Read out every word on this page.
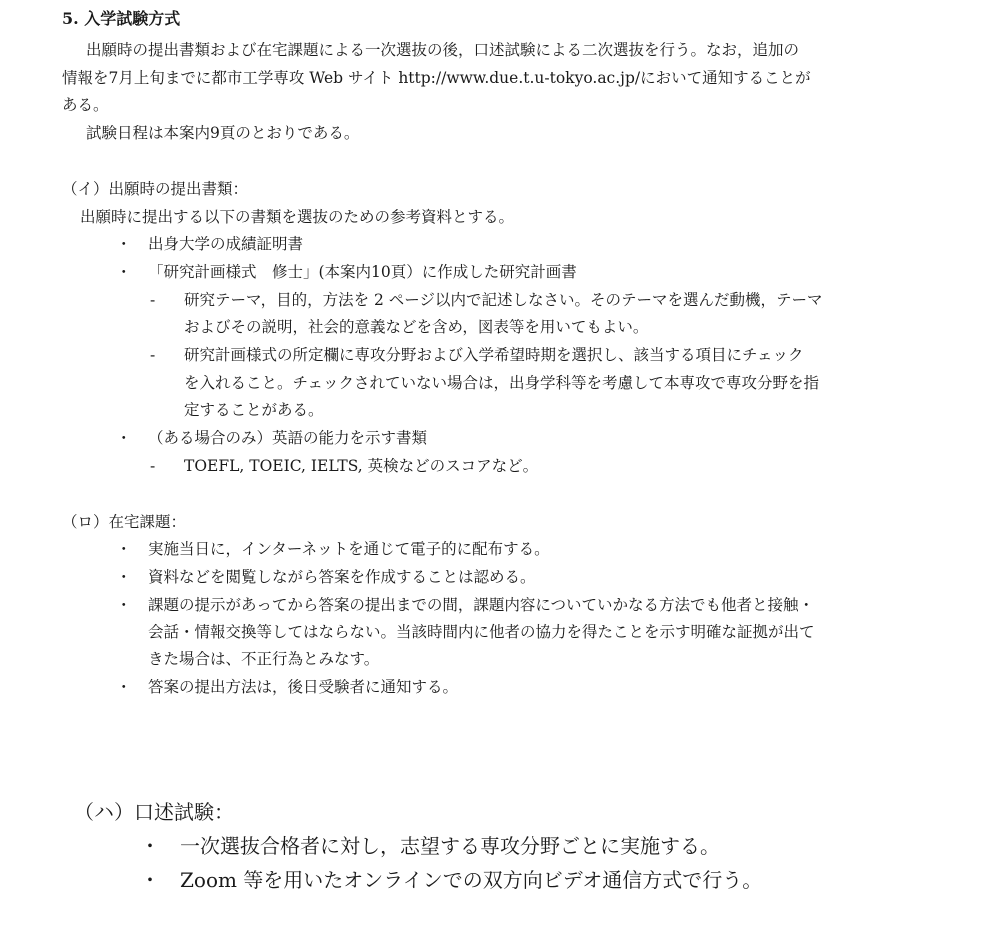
5. 入学試験方式
出願時の提出書類および在宅課題による一次選抜の後，口述試験による二次選抜を行う。なお，追加の
情報を7月上旬までに都市工学専攻 Web サイト http://www.due.t.u-tokyo.ac.jp/において通知することが
ある。
試験日程は本案内9頁のとおりである。
（イ）出願時の提出書類：
出願時に提出する以下の書類を選抜のための参考資料とする。
・ 出身大学の成績証明書
・ 「研究計画様式　修士」(本案内10頁）に作成した研究計画書
- 研究テーマ，目的，方法を 2 ページ以内で記述しなさい。そのテーマを選んだ動機，テーマ
およびその説明，社会的意義などを含め，図表等を用いてもよい。
- 研究計画様式の所定欄に専攻分野および入学希望時期を選択し、該当する項目にチェック
を入れること。チェックされていない場合は，出身学科等を考慮して本専攻で専攻分野を指
定することがある。
・ （ある場合のみ）英語の能力を示す書類
- TOEFL, TOEIC, IELTS, 英検などのスコアなど。
（ロ）在宅課題：
・ 実施当日に，インターネットを通じて電子的に配布する。
・ 資料などを閲覧しながら答案を作成することは認める。
・ 課題の提示があってから答案の提出までの間，課題内容についていかなる方法でも他者と接触・
会話・情報交換等してはならない。当該時間内に他者の協力を得たことを示す明確な証拠が出て
きた場合は、不正行為とみなす。
・ 答案の提出方法は，後日受験者に通知する。
（ハ）口述試験：
・ 一次選抜合格者に対し，志望する専攻分野ごとに実施する。
・ Zoom 等を用いたオンラインでの双方向ビデオ通信方式で行う。
